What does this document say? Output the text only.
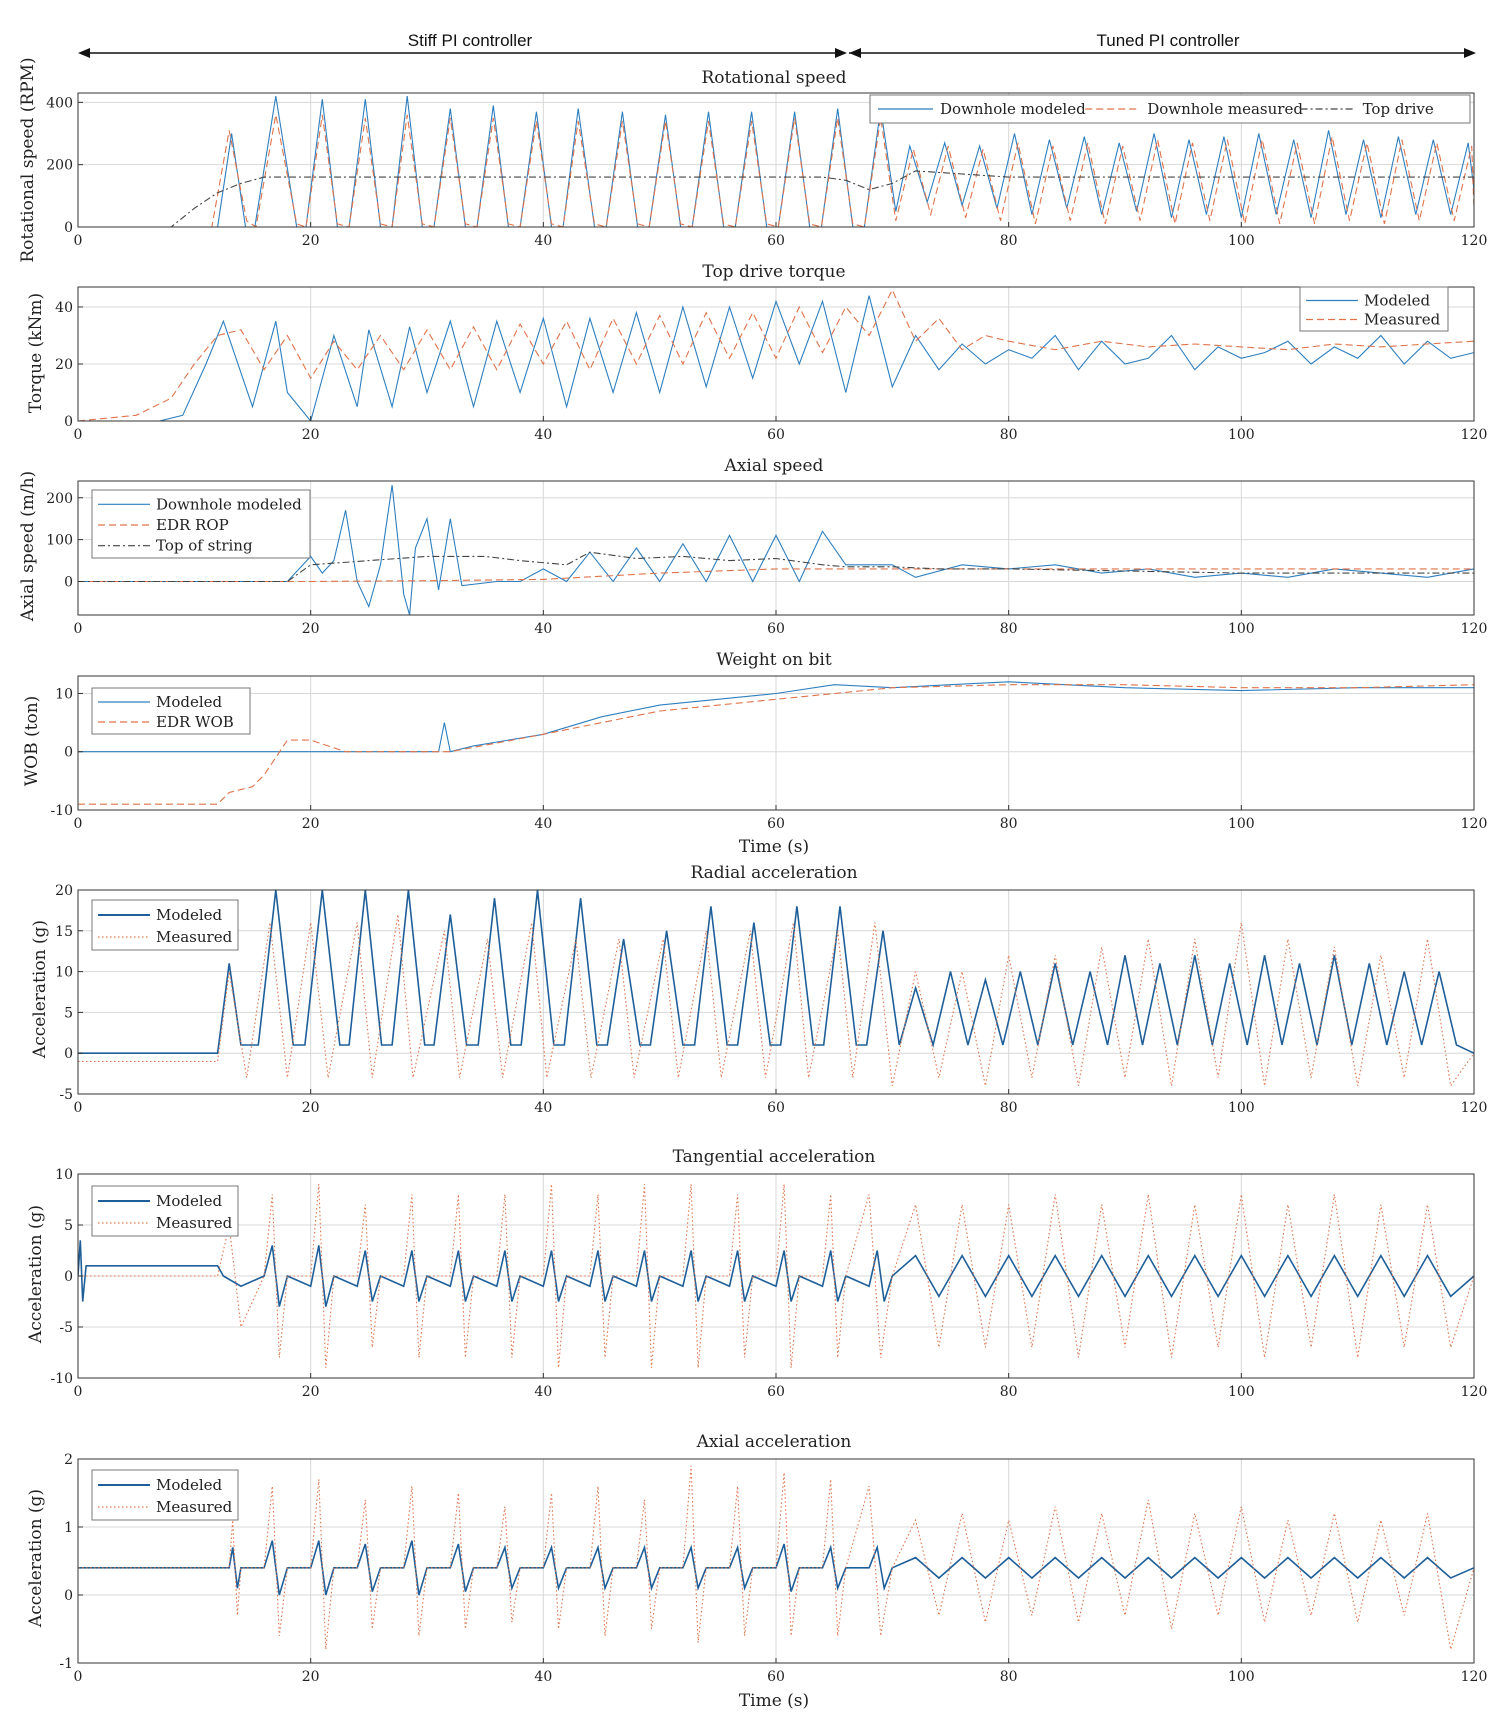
Stiff PI controller	Tuned PI controller
Rotational speed
Rotational speed (RPM)
Top drive torque
Torque (kNm)
Axial speed
Axial speed (m/h)
Weight on bit
WOB (ton)
Time (s)
Radial acceleration
Acceleration (g)
Tangential acceleration
Acceleration (g)
Axial acceleration
Acceleration (g)
Time (s)
0	20	40	60	80	100	120
0
200
400	Downhole modeled	Downhole measured	Top drive
0	20	40	60	80	100	120
0
20
40	Modeled
Measured
0	20	40	60	80	100	120
0
100
200	Downhole modeled
EDR ROP
Top of string
0	20	40	60	80	100	120
-10
0
10	Modeled
EDR WOB
0	20	40	60	80	100	120
-5
0
5
10
15
20
Modeled
Measured
0	20	40	60	80	100	120
-10
-5
0
5
10
Modeled
Measured
0	20	40	60	80	100	120
-1
0
1
2
Modeled
Measured
